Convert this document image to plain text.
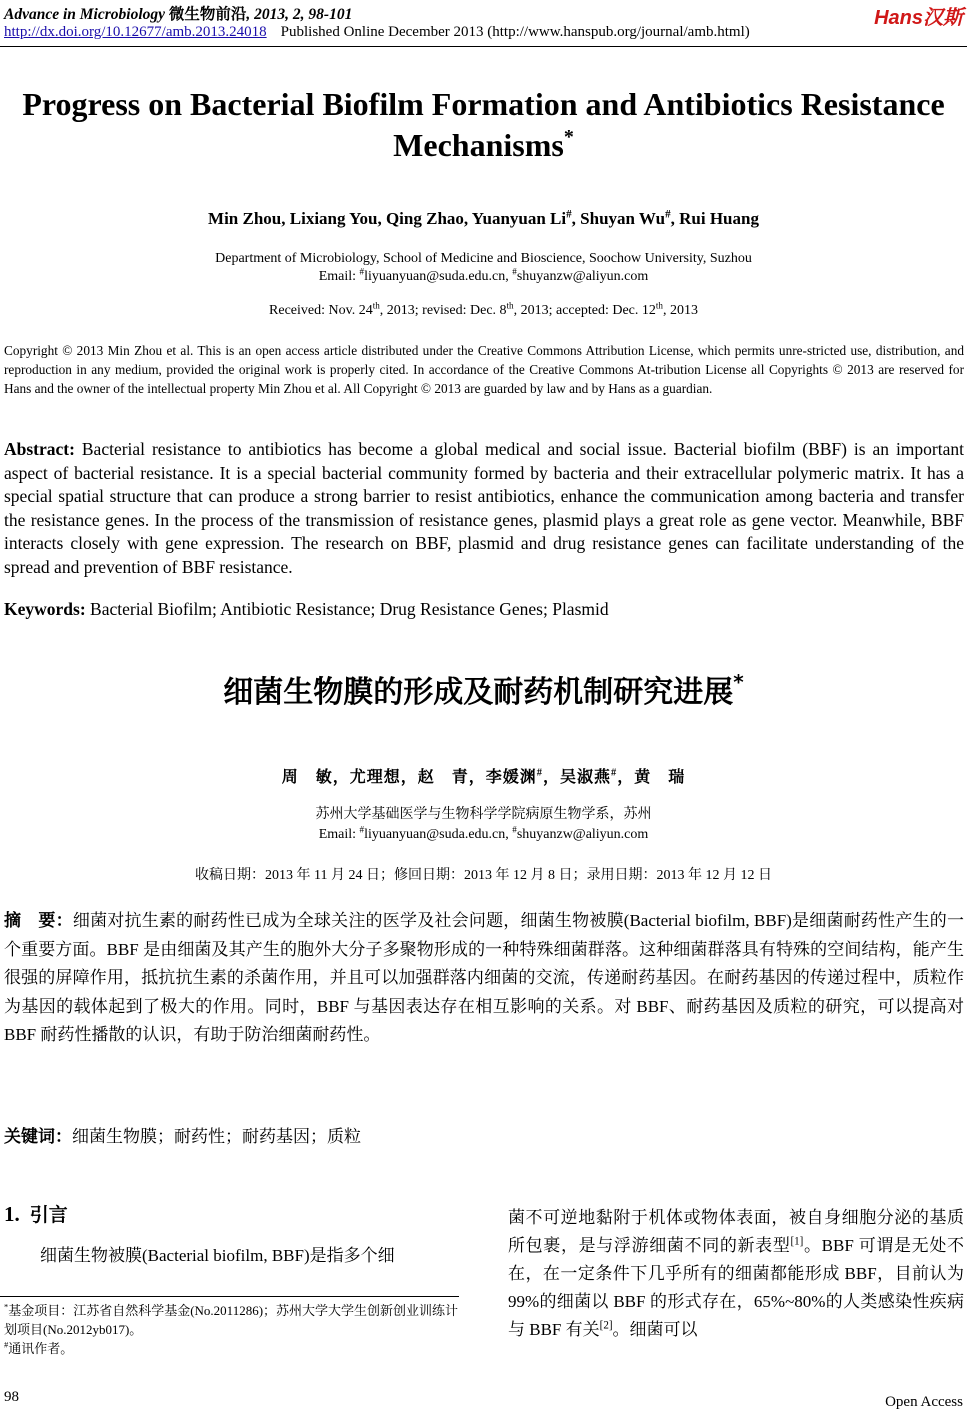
Advance in Microbiology 微生物前沿, 2013, 2, 98-101	Hans汉斯
http://dx.doi.org/10.12677/amb.2013.24018 Published Online December 2013 (http://www.hanspub.org/journal/amb.html)
Progress on Bacterial Biofilm Formation and Antibiotics Resistance Mechanisms*
Min Zhou, Lixiang You, Qing Zhao, Yuanyuan Li#, Shuyan Wu#, Rui Huang
Department of Microbiology, School of Medicine and Bioscience, Soochow University, Suzhou
Email: #liyuanyuan@suda.edu.cn, #shuyanzw@aliyun.com
Received: Nov. 24th, 2013; revised: Dec. 8th, 2013; accepted: Dec. 12th, 2013
Copyright © 2013 Min Zhou et al. This is an open access article distributed under the Creative Commons Attribution License, which permits unre-stricted use, distribution, and reproduction in any medium, provided the original work is properly cited. In accordance of the Creative Commons At-tribution License all Copyrights © 2013 are reserved for Hans and the owner of the intellectual property Min Zhou et al. All Copyright © 2013 are guarded by law and by Hans as a guardian.
Abstract: Bacterial resistance to antibiotics has become a global medical and social issue. Bacterial biofilm (BBF) is an important aspect of bacterial resistance. It is a special bacterial community formed by bacteria and their extracellular polymeric matrix. It has a special spatial structure that can produce a strong barrier to resist antibiotics, enhance the communication among bacteria and transfer the resistance genes. In the process of the transmission of resistance genes, plasmid plays a great role as gene vector. Meanwhile, BBF interacts closely with gene expression. The research on BBF, plasmid and drug resistance genes can facilitate understanding of the spread and prevention of BBF resistance.
Keywords: Bacterial Biofilm; Antibiotic Resistance; Drug Resistance Genes; Plasmid
细菌生物膜的形成及耐药机制研究进展*
周　敏，尤理想，赵　青，李媛渊#，吴淑燕#，黄　瑞
苏州大学基础医学与生物科学学院病原生物学系，苏州
Email: #liyuanyuan@suda.edu.cn, #shuyanzw@aliyun.com
收稿日期：2013 年 11 月 24 日；修回日期：2013 年 12 月 8 日；录用日期：2013 年 12 月 12 日
摘　要：细菌对抗生素的耐药性已成为全球关注的医学及社会问题，细菌生物被膜(Bacterial biofilm, BBF)是细菌耐药性产生的一个重要方面。BBF 是由细菌及其产生的胞外大分子多聚物形成的一种特殊细菌群落。这种细菌群落具有特殊的空间结构，能产生很强的屏障作用，抵抗抗生素的杀菌作用，并且可以加强群落内细菌的交流，传递耐药基因。在耐药基因的传递过程中，质粒作为基因的载体起到了极大的作用。同时，BBF 与基因表达存在相互影响的关系。对 BBF、耐药基因及质粒的研究，可以提高对 BBF 耐药性播散的认识，有助于防治细菌耐药性。
关键词：细菌生物膜；耐药性；耐药基因；质粒
1. 引言
细菌生物被膜(Bacterial biofilm, BBF)是指多个细
*基金项目：江苏省自然科学基金(No.2011286)；苏州大学大学生创新创业训练计划项目(No.2012yb017)。
#通讯作者。
菌不可逆地黏附于机体或物体表面，被自身细胞分泌的基质所包裹，是与浮游细菌不同的新表型[1]。BBF 可谓是无处不在，在一定条件下几乎所有的细菌都能形成 BBF，目前认为 99%的细菌以 BBF 的形式存在，65%~80%的人类感染性疾病与 BBF 有关[2]。细菌可以
98	Open Access
